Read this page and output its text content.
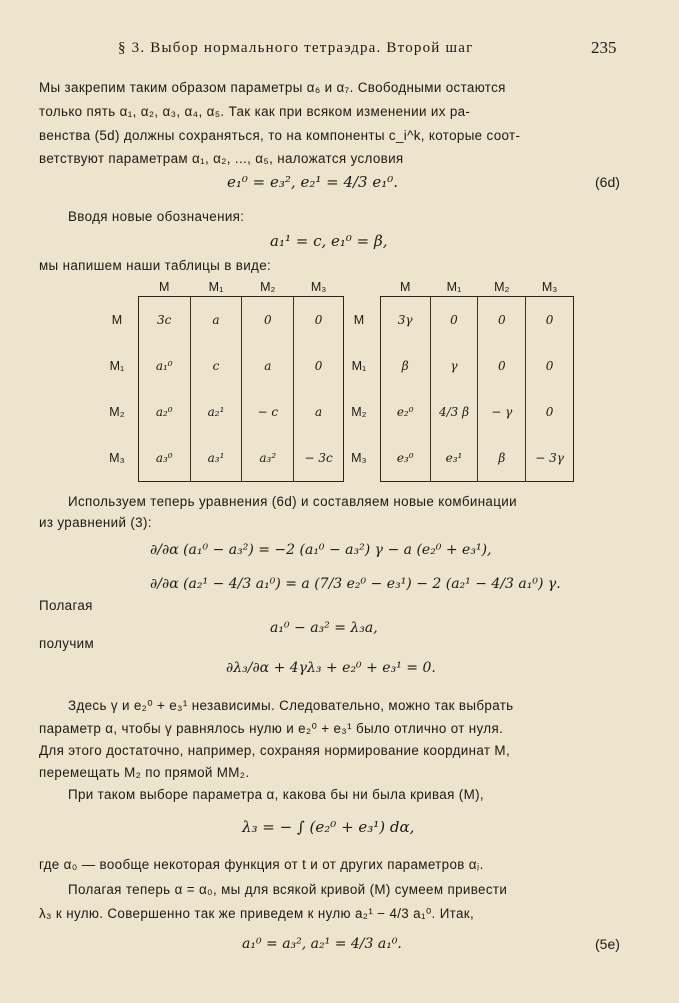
§ 3. Выбор нормального тетраэдра. Второй шаг	235
Мы закрепим таким образом параметры α₆ и α₇. Свободными остаются
только пять α₁, α₂, α₃, α₄, α₅. Так как при всяком изменении их ра-
венства (5d) должны сохраняться, то на компоненты c_i^k, которые соот-
ветствуют параметрам α₁, α₂, ..., α₅, наложатся условия
e₁⁰ = e₃², e₂¹ = 4/3 e₁⁰.	(6d)
Вводя новые обозначения:
a₁¹ = c, e₁⁰ = β,
мы напишем наши таблицы в виде:
	M	M₁	M₂	M₃
M	3c	a	0	0
M₁	a₁⁰	c	a	0
M₂	a₂⁰	a₂¹	− c	a
M₃	a₃⁰	a₃¹	a₃²	− 3c
	M	M₁	M₂	M₃
M	3γ	0	0	0
M₁	β	γ	0	0
M₂	e₂⁰	4/3 β	− γ	0
M₃	e₃⁰	e₃¹	β	− 3γ
Используем теперь уравнения (6d) и составляем новые комбинации
из уравнений (3):
∂/∂α (a₁⁰ − a₃²) = −2 (a₁⁰ − a₃²) γ − a (e₂⁰ + e₃¹),
∂/∂α (a₂¹ − 4/3 a₁⁰) = a (7/3 e₂⁰ − e₃¹) − 2 (a₂¹ − 4/3 a₁⁰) γ.
Полагая
a₁⁰ − a₃² = λ₃a,
получим
∂λ₃/∂α + 4γλ₃ + e₂⁰ + e₃¹ = 0.
Здесь γ и e₂⁰ + e₃¹ независимы. Следовательно, можно так выбрать
параметр α, чтобы γ равнялось нулю и e₂⁰ + e₃¹ было отлично от нуля.
Для этого достаточно, например, сохраняя нормирование координат M,
перемещать M₂ по прямой MM₂.
При таком выборе параметра α, какова бы ни была кривая (M),
λ₃ = − ∫ (e₂⁰ + e₃¹) dα,
где α₀ — вообще некоторая функция от t и от других параметров αⱼ.
Полагая теперь α = α₀, мы для всякой кривой (M) сумеем привести
λ₃ к нулю. Совершенно так же приведем к нулю a₂¹ − 4/3 a₁⁰. Итак,
a₁⁰ = a₃², a₂¹ = 4/3 a₁⁰.	(5e)
